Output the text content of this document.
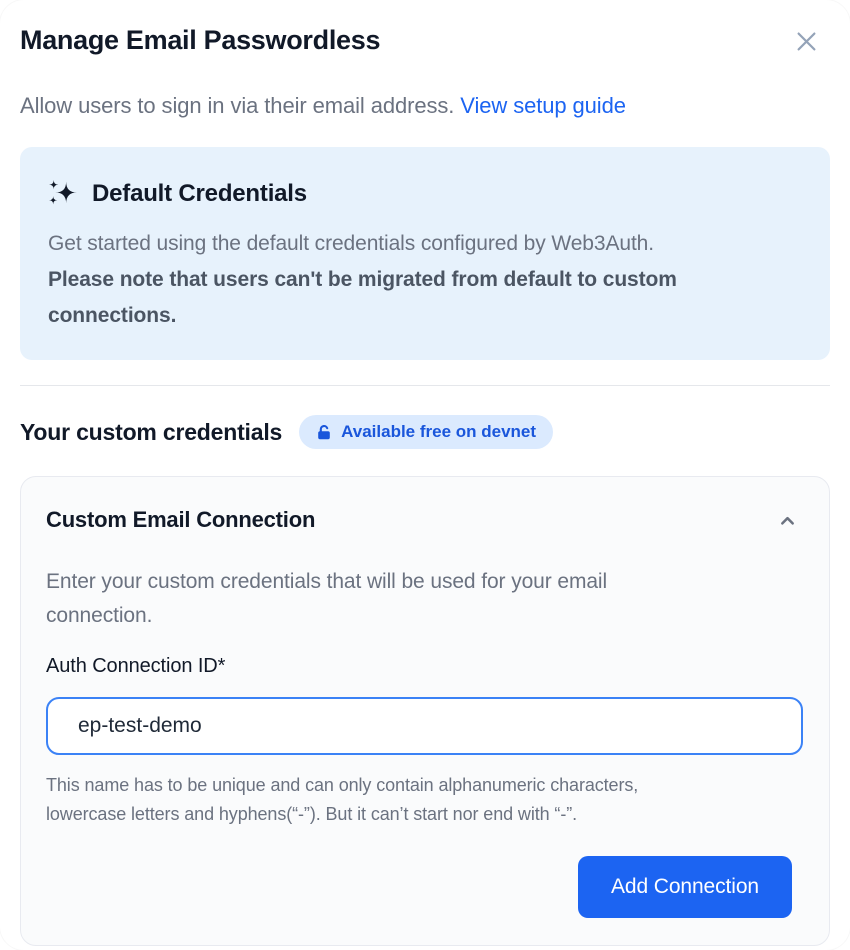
Manage Email Passwordless

Allow users to sign in via their email address. View setup guide

Default Credentials
Get started using the default credentials configured by Web3Auth.
Please note that users can't be migrated from default to custom connections.
Your custom credentials	Available free on devnet
Custom Email Connection

Enter your custom credentials that will be used for your email connection.

Auth Connection ID*
ep-test-demo

This name has to be unique and can only contain alphanumeric characters, lowercase letters and hyphens(“-”). But it can’t start nor end with “-”.

Add Connection
